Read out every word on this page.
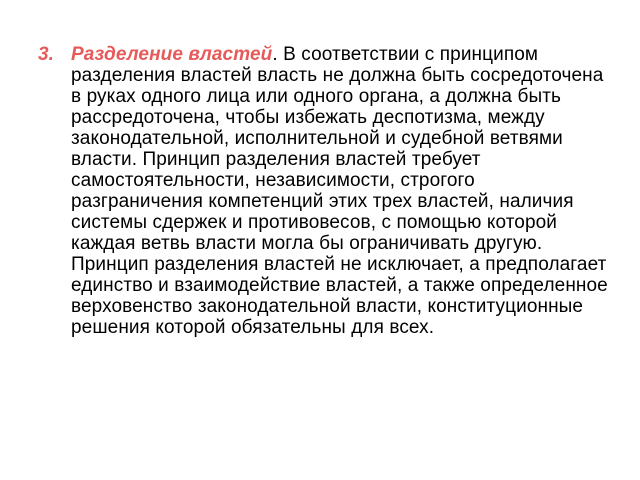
3. Разделение властей. В соответствии с принципом разделения властей власть не должна быть сосредоточена в руках одного лица или одного органа, а должна быть рассредоточена, чтобы избежать деспотизма, между законодательной, исполнительной и судебной ветвями власти. Принцип разделения властей требует самостоятельности, независимости, строгого разграничения компетенций этих трех властей, наличия системы сдержек и противовесов, с помощью которой каждая ветвь власти могла бы ограничивать другую. Принцип разделения властей не исключает, а предполагает единство и взаимодействие властей, а также определенное верховенство законодательной власти, конституционные решения которой обязательны для всех.
